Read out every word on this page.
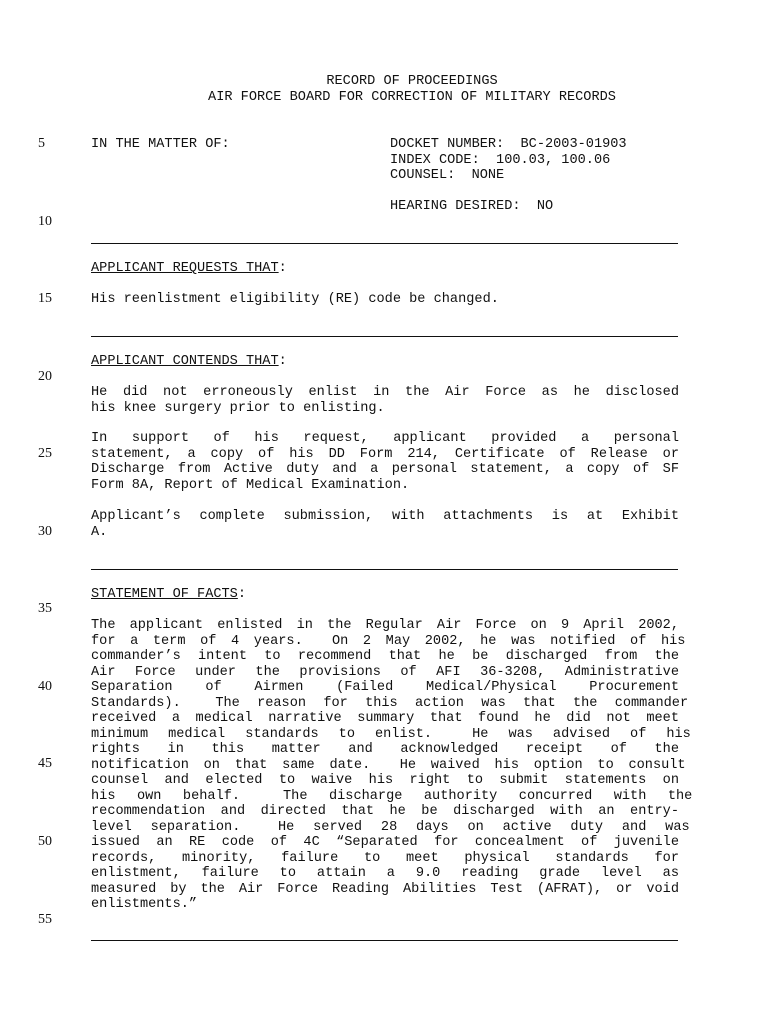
RECORD OF PROCEEDINGS
AIR FORCE BOARD FOR CORRECTION OF MILITARY RECORDS
5
10
15
20
25
30
35
40
45
50
55
IN THE MATTER OF:	DOCKET NUMBER:  BC-2003-01903
INDEX CODE:  100.03, 100.06
COUNSEL:  NONE
HEARING DESIRED:  NO
APPLICANT REQUESTS THAT:
His reenlistment eligibility (RE) code be changed.
APPLICANT CONTENDS THAT:
He did not erroneously enlist in the Air Force as he disclosed
his knee surgery prior to enlisting.
In support of his request, applicant provided a personal
statement, a copy of his DD Form 214, Certificate of Release or
Discharge from Active duty and a personal statement, a copy of SF
Form 8A, Report of Medical Examination.
Applicant’s complete submission, with attachments is at Exhibit
A.
STATEMENT OF FACTS:
The applicant enlisted in the Regular Air Force on 9 April 2002,
for a term of 4 years.  On 2 May 2002, he was notified of his
commander’s intent to recommend that he be discharged from the
Air Force under the provisions of AFI 36-3208, Administrative
Separation of Airmen (Failed Medical/Physical Procurement
Standards).  The reason for this action was that the commander
received a medical narrative summary that found he did not meet
minimum medical standards to enlist.  He was advised of his
rights in this matter and acknowledged receipt of the
notification on that same date.  He waived his option to consult
counsel and elected to waive his right to submit statements on
his own behalf.  The discharge authority concurred with the
recommendation and directed that he be discharged with an entry-
level separation.  He served 28 days on active duty and was
issued an RE code of 4C “Separated for concealment of juvenile
records, minority, failure to meet physical standards for
enlistment, failure to attain a 9.0 reading grade level as
measured by the Air Force Reading Abilities Test (AFRAT), or void
enlistments.”
